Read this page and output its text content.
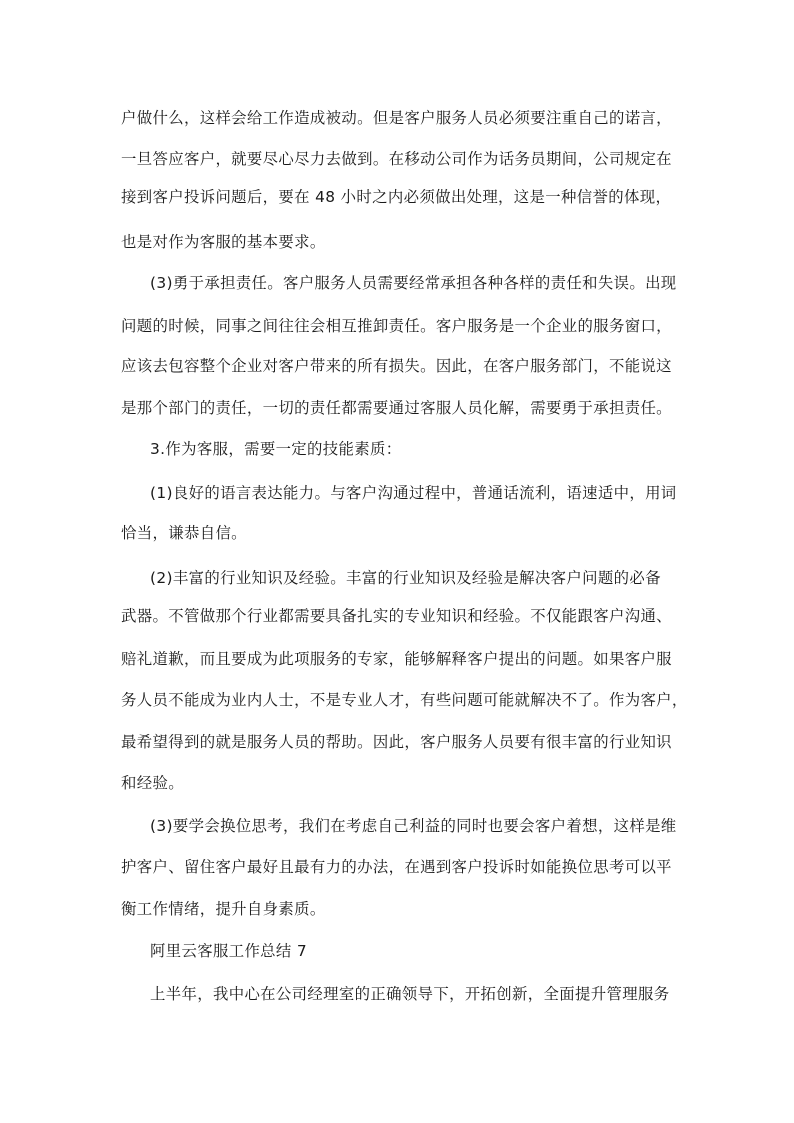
户做什么，这样会给工作造成被动。但是客户服务人员必须要注重自己的诺言，
一旦答应客户，就要尽心尽力去做到。在移动公司作为话务员期间，公司规定在
接到客户投诉问题后，要在 48 小时之内必须做出处理，这是一种信誉的体现，
也是对作为客服的基本要求。
(3)勇于承担责任。客户服务人员需要经常承担各种各样的责任和失误。出现
问题的时候，同事之间往往会相互推卸责任。客户服务是一个企业的服务窗口，
应该去包容整个企业对客户带来的所有损失。因此，在客户服务部门，不能说这
是那个部门的责任，一切的责任都需要通过客服人员化解，需要勇于承担责任。
3.作为客服，需要一定的技能素质：
(1)良好的语言表达能力。与客户沟通过程中，普通话流利，语速适中，用词
恰当，谦恭自信。
(2)丰富的行业知识及经验。丰富的行业知识及经验是解决客户问题的必备
武器。不管做那个行业都需要具备扎实的专业知识和经验。不仅能跟客户沟通、
赔礼道歉，而且要成为此项服务的专家，能够解释客户提出的问题。如果客户服
务人员不能成为业内人士，不是专业人才，有些问题可能就解决不了。作为客户，
最希望得到的就是服务人员的帮助。因此，客户服务人员要有很丰富的行业知识
和经验。
(3)要学会换位思考，我们在考虑自己利益的同时也要会客户着想，这样是维
护客户、留住客户最好且最有力的办法，在遇到客户投诉时如能换位思考可以平
衡工作情绪，提升自身素质。
阿里云客服工作总结 7
上半年，我中心在公司经理室的正确领导下，开拓创新，全面提升管理服务
